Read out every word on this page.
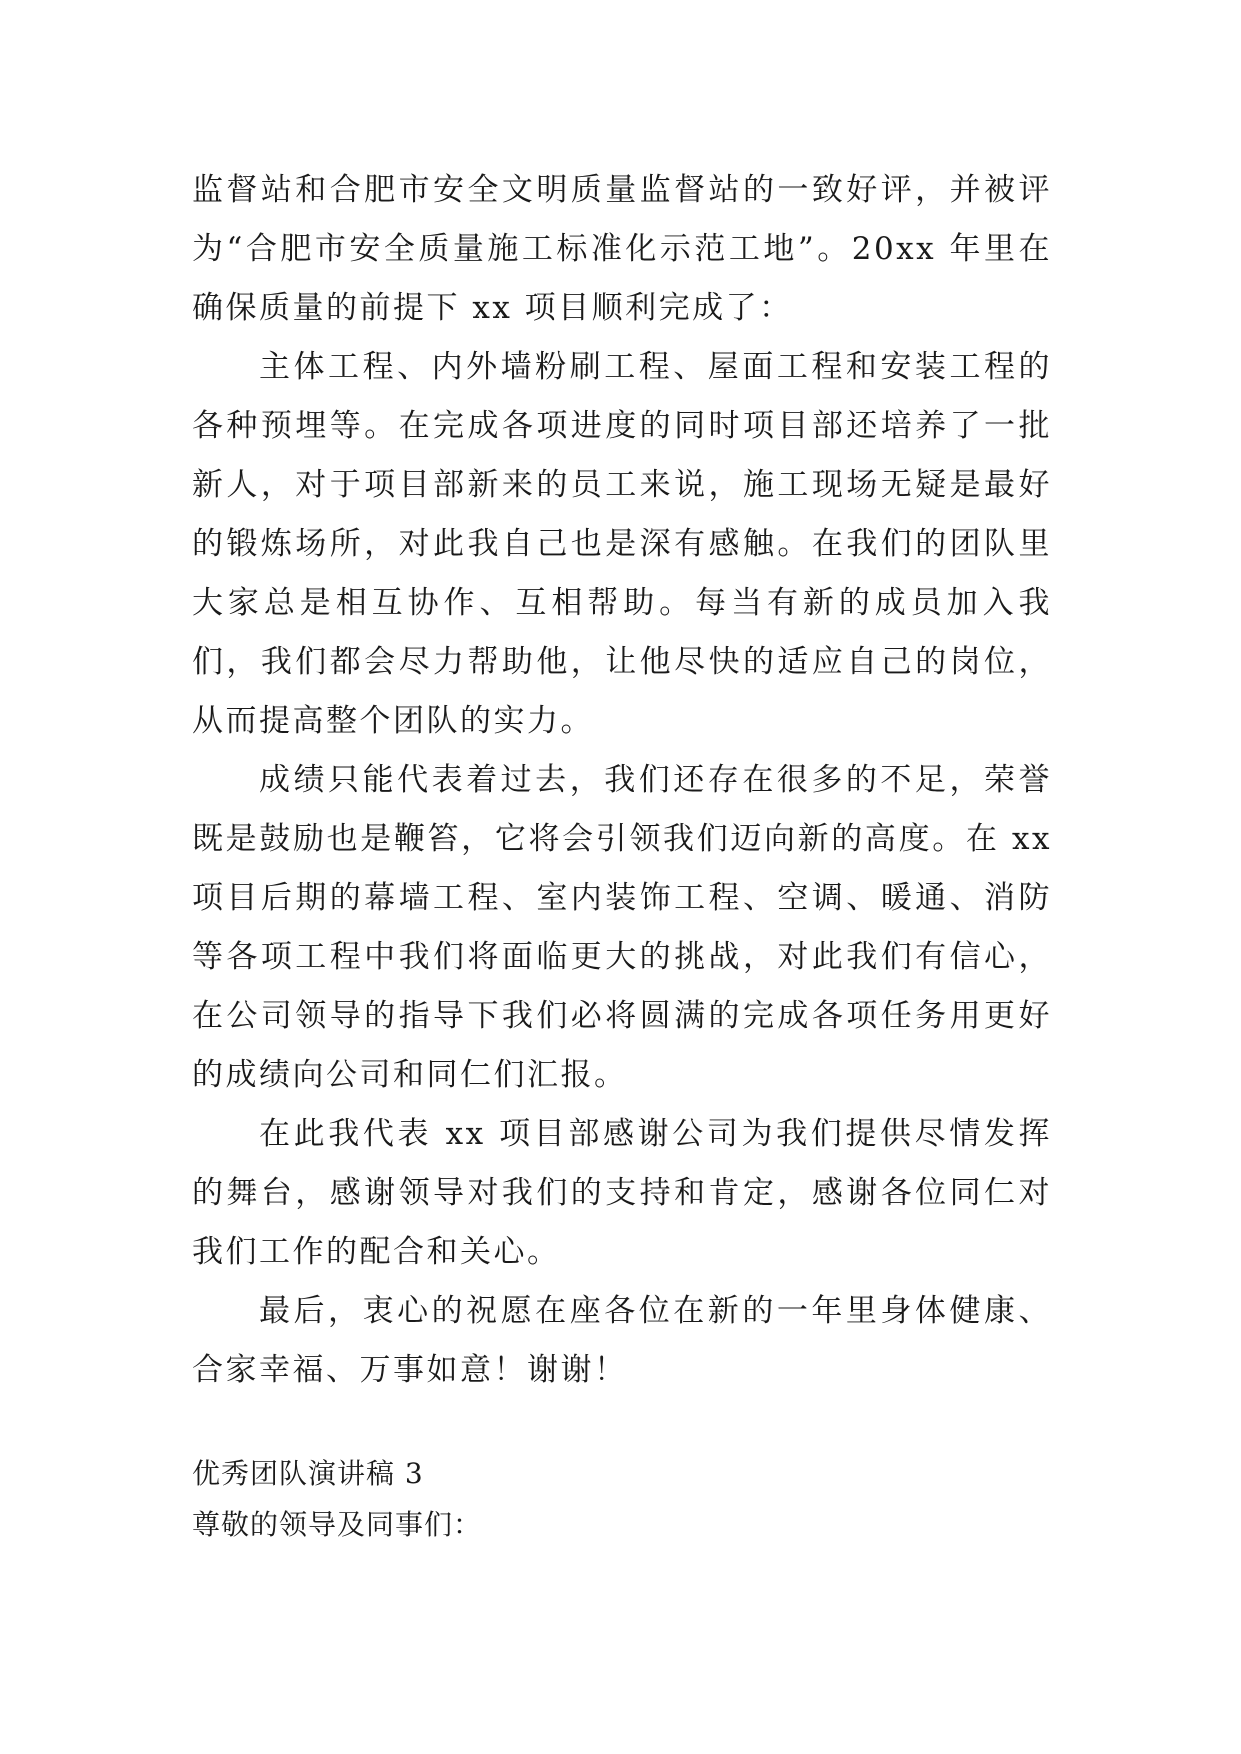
监督站和合肥市安全文明质量监督站的一致好评，并被评为“合肥市安全质量施工标准化示范工地”。20xx 年里在确保质量的前提下 xx 项目顺利完成了：

主体工程、内外墙粉刷工程、屋面工程和安装工程的各种预埋等。在完成各项进度的同时项目部还培养了一批新人，对于项目部新来的员工来说，施工现场无疑是最好的锻炼场所，对此我自己也是深有感触。在我们的团队里大家总是相互协作、互相帮助。每当有新的成员加入我们，我们都会尽力帮助他，让他尽快的适应自己的岗位，从而提高整个团队的实力。

成绩只能代表着过去，我们还存在很多的不足，荣誉既是鼓励也是鞭笞，它将会引领我们迈向新的高度。在 xx 项目后期的幕墙工程、室内装饰工程、空调、暖通、消防等各项工程中我们将面临更大的挑战，对此我们有信心，在公司领导的指导下我们必将圆满的完成各项任务用更好的成绩向公司和同仁们汇报。

在此我代表 xx 项目部感谢公司为我们提供尽情发挥的舞台，感谢领导对我们的支持和肯定，感谢各位同仁对我们工作的配合和关心。

最后，衷心的祝愿在座各位在新的一年里身体健康、合家幸福、万事如意！谢谢！

优秀团队演讲稿 3

尊敬的领导及同事们：
